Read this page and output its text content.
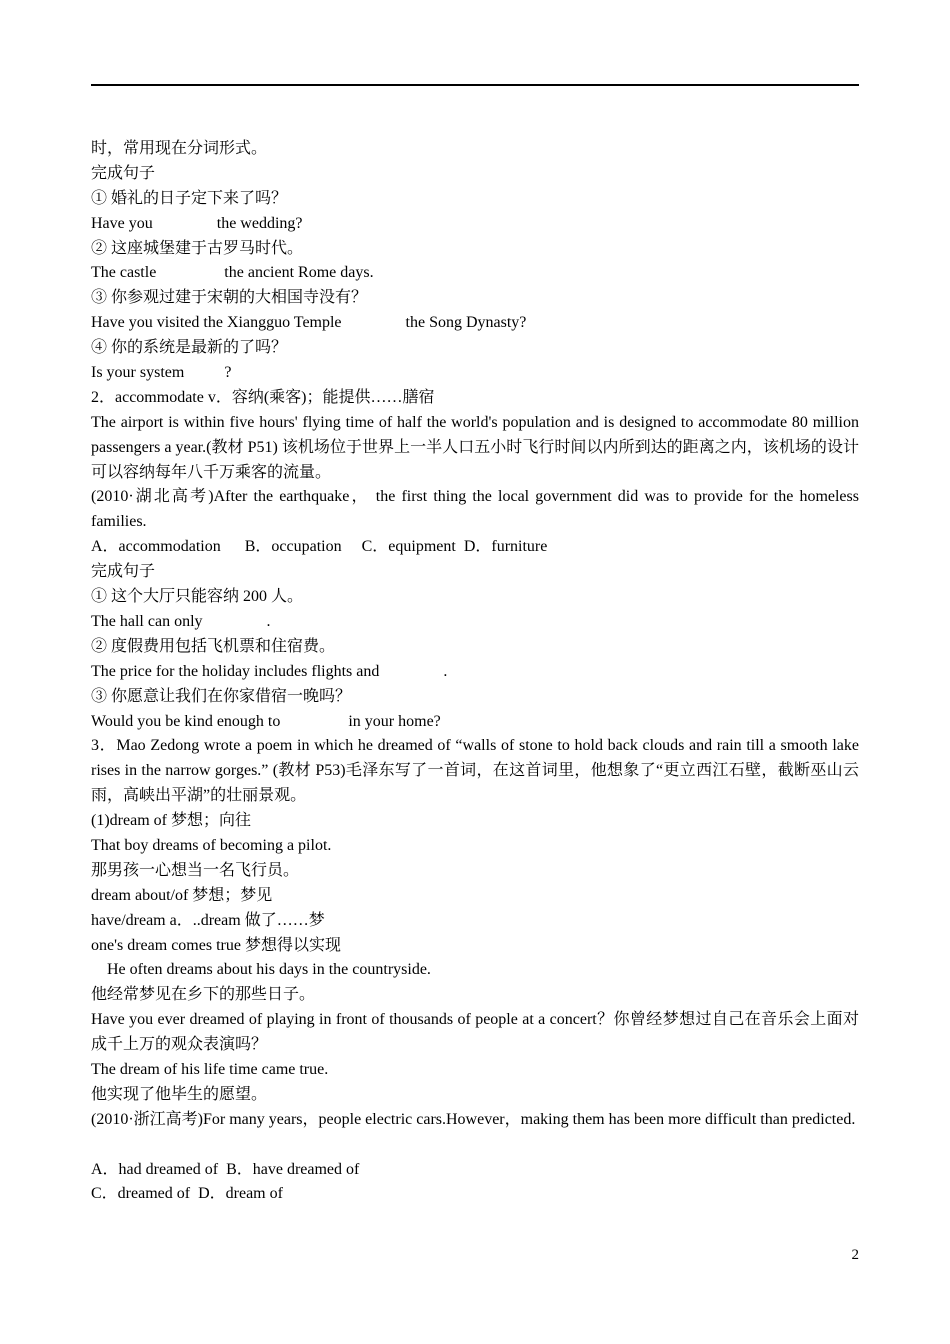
时，常用现在分词形式。
完成句子
① 婚礼的日子定下来了吗？
Have you                the wedding?
② 这座城堡建于古罗马时代。
The castle                 the ancient Rome days.
③ 你参观过建于宋朝的大相国寺没有？
Have you visited the Xiangguo Temple                the Song Dynasty?
④ 你的系统是最新的了吗？
Is your system          ?
2．accommodate v．容纳(乘客)；能提供……膳宿
The airport is within five hours' flying time of half the world's population and is designed to accommodate 80 million passengers a year.(教材 P51) 该机场位于世界上一半人口五小时飞行时间以内所到达的距离之内，该机场的设计可以容纳每年八千万乘客的流量。
(2010·湖北高考)After the earthquake， the first thing the local government did was to provide for the homeless families.
A．accommodation      B．occupation     C．equipment  D．furniture
完成句子
① 这个大厅只能容纳 200 人。
The hall can only                .
② 度假费用包括飞机票和住宿费。
The price for the holiday includes flights and                .
③ 你愿意让我们在你家借宿一晚吗？
Would you be kind enough to                 in your home?
3．Mao Zedong wrote a poem in which he dreamed of “walls of stone to hold back clouds and rain till a smooth lake rises in the narrow gorges.” (教材 P53)毛泽东写了一首词，在这首词里，他想象了“更立西江石壁，截断巫山云雨，高峡出平湖”的壮丽景观。
(1)dream of 梦想；向往
That boy dreams of becoming a pilot.
那男孩一心想当一名飞行员。
dream about/of 梦想；梦见
have/dream a．..dream 做了……梦
one's dream comes true 梦想得以实现
He often dreams about his days in the countryside.
他经常梦见在乡下的那些日子。
Have you ever dreamed of playing in front of thousands of people at a concert？你曾经梦想过自己在音乐会上面对成千上万的观众表演吗？
The dream of his life time came true.
他实现了他毕生的愿望。
(2010·浙江高考)For many years，people electric cars.However，making them has been more difficult than predicted.
A．had dreamed of  B．have dreamed of
C．dreamed of  D．dream of
2
